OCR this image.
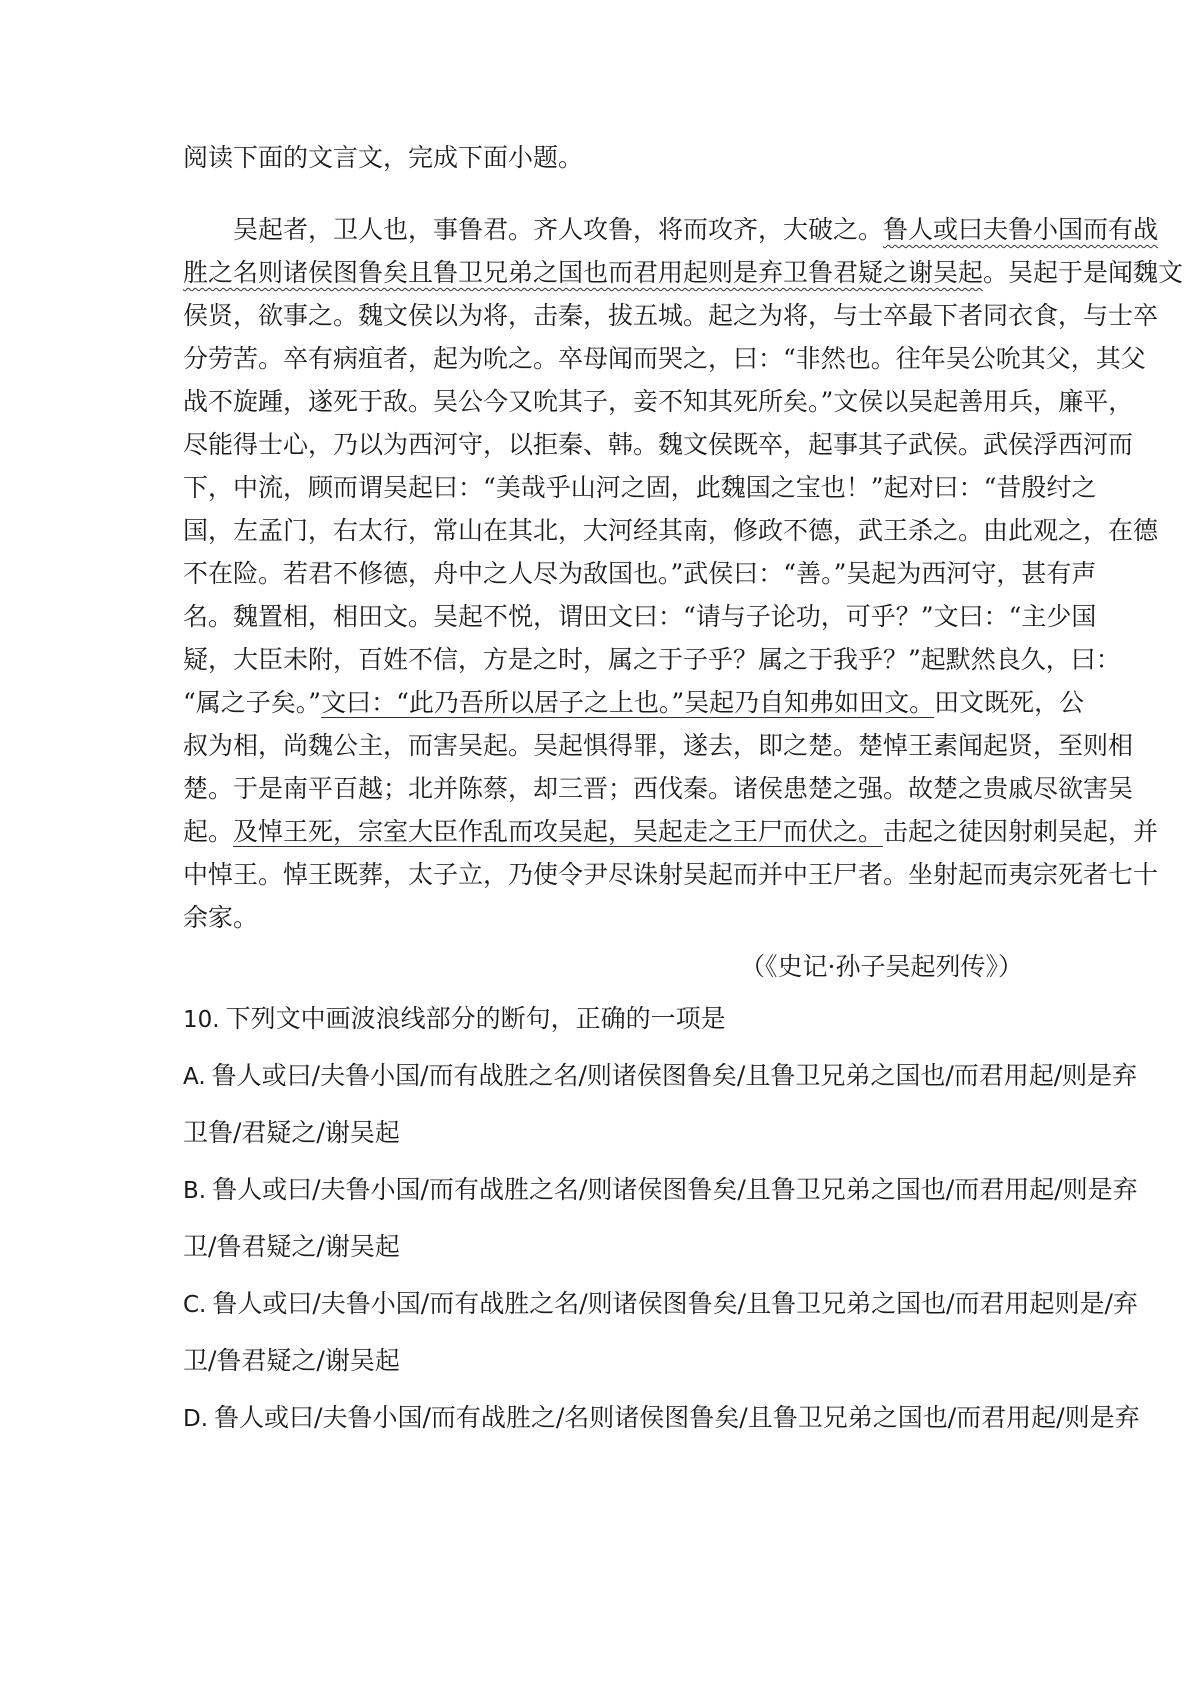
阅读下面的文言文，完成下面小题。
　　吴起者，卫人也，事鲁君。齐人攻鲁，将而攻齐，大破之。鲁人或曰夫鲁小国而有战
胜之名则诸侯图鲁矣且鲁卫兄弟之国也而君用起则是弃卫鲁君疑之谢吴起。吴起于是闻魏文
侯贤，欲事之。魏文侯以为将，击秦，拔五城。起之为将，与士卒最下者同衣食，与士卒
分劳苦。卒有病疽者，起为吮之。卒母闻而哭之，曰：“非然也。往年吴公吮其父，其父
战不旋踵，遂死于敌。吴公今又吮其子，妾不知其死所矣。”文侯以吴起善用兵，廉平，
尽能得士心，乃以为西河守，以拒秦、韩。魏文侯既卒，起事其子武侯。武侯浮西河而
下，中流，顾而谓吴起曰：“美哉乎山河之固，此魏国之宝也！”起对曰：“昔殷纣之
国，左孟门，右太行，常山在其北，大河经其南，修政不德，武王杀之。由此观之，在德
不在险。若君不修德，舟中之人尽为敌国也。”武侯曰：“善。”吴起为西河守，甚有声
名。魏置相，相田文。吴起不悦，谓田文曰：“请与子论功，可乎？”文曰：“主少国
疑，大臣未附，百姓不信，方是之时，属之于子乎？属之于我乎？”起默然良久，曰：
“属之子矣。”文曰：“此乃吾所以居子之上也。”吴起乃自知弗如田文。田文既死，公
叔为相，尚魏公主，而害吴起。吴起惧得罪，遂去，即之楚。楚悼王素闻起贤，至则相
楚。于是南平百越；北并陈蔡，却三晋；西伐秦。诸侯患楚之强。故楚之贵戚尽欲害吴
起。及悼王死，宗室大臣作乱而攻吴起，吴起走之王尸而伏之。击起之徒因射刺吴起，并
中悼王。悼王既葬，太子立，乃使令尹尽诛射吴起而并中王尸者。坐射起而夷宗死者七十
余家。
（《史记·孙子吴起列传》）
10. 下列文中画波浪线部分的断句，正确的一项是
A. 鲁人或曰/夫鲁小国/而有战胜之名/则诸侯图鲁矣/且鲁卫兄弟之国也/而君用起/则是弃
卫鲁/君疑之/谢吴起
B. 鲁人或曰/夫鲁小国/而有战胜之名/则诸侯图鲁矣/且鲁卫兄弟之国也/而君用起/则是弃
卫/鲁君疑之/谢吴起
C. 鲁人或曰/夫鲁小国/而有战胜之名/则诸侯图鲁矣/且鲁卫兄弟之国也/而君用起则是/弃
卫/鲁君疑之/谢吴起
D. 鲁人或曰/夫鲁小国/而有战胜之/名则诸侯图鲁矣/且鲁卫兄弟之国也/而君用起/则是弃
